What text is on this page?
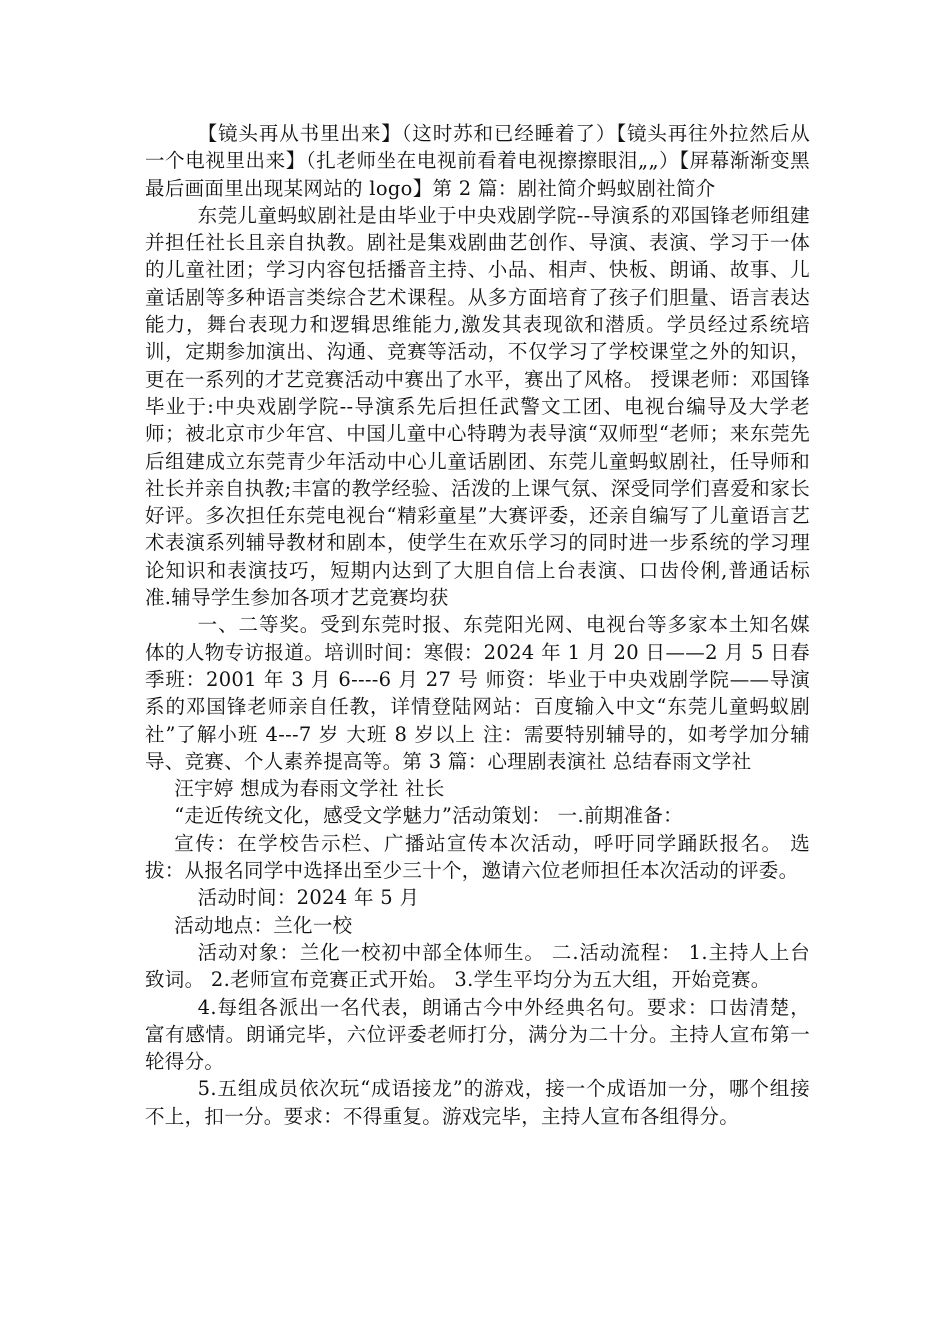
【镜头再从书里出来】（这时苏和已经睡着了）【镜头再往外拉然后从一个电视里出来】（扎老师坐在电视前看着电视擦擦眼泪„„）【屏幕渐渐变黑最后画面里出现某网站的 logo】第 2 篇：剧社简介蚂蚁剧社简介

东莞儿童蚂蚁剧社是由毕业于中央戏剧学院--导演系的邓国锋老师组建并担任社长且亲自执教。剧社是集戏剧曲艺创作、导演、表演、学习于一体的儿童社团；学习内容包括播音主持、小品、相声、快板、朗诵、故事、儿童话剧等多种语言类综合艺术课程。从多方面培育了孩子们胆量、语言表达能力，舞台表现力和逻辑思维能力,激发其表现欲和潜质。学员经过系统培训，定期参加演出、沟通、竞赛等活动，不仅学习了学校课堂之外的知识，更在一系列的才艺竞赛活动中赛出了水平，赛出了风格。 授课老师：邓国锋 毕业于:中央戏剧学院--导演系先后担任武警文工团、电视台编导及大学老师；被北京市少年宫、中国儿童中心特聘为表导演“双师型“老师；来东莞先后组建成立东莞青少年活动中心儿童话剧团、东莞儿童蚂蚁剧社，任导师和社长并亲自执教;丰富的教学经验、活泼的上课气氛、深受同学们喜爱和家长好评。多次担任东莞电视台“精彩童星”大赛评委，还亲自编写了儿童语言艺术表演系列辅导教材和剧本，使学生在欢乐学习的同时进一步系统的学习理论知识和表演技巧，短期内达到了大胆自信上台表演、口齿伶俐,普通话标准.辅导学生参加各项才艺竞赛均获

一、二等奖。受到东莞时报、东莞阳光网、电视台等多家本土知名媒体的人物专访报道。培训时间：寒假：2024 年 1 月 20 日——2 月 5 日春季班：2001 年 3 月 6----6 月 27 号 师资：毕业于中央戏剧学院——导演系的邓国锋老师亲自任教，详情登陆网站：百度输入中文“东莞儿童蚂蚁剧社”了解小班 4---7 岁 大班 8 岁以上 注：需要特别辅导的，如考学加分辅导、竞赛、个人素养提高等。第 3 篇：心理剧表演社 总结春雨文学社

汪宇婷 想成为春雨文学社 社长

“走近传统文化，感受文学魅力”活动策划： 一.前期准备：

宣传：在学校告示栏、广播站宣传本次活动，呼吁同学踊跃报名。 选拔：从报名同学中选择出至少三十个，邀请六位老师担任本次活动的评委。

活动时间：2024 年 5 月

活动地点：兰化一校

活动对象：兰化一校初中部全体师生。 二.活动流程： 1.主持人上台致词。 2.老师宣布竞赛正式开始。 3.学生平均分为五大组，开始竞赛。

4.每组各派出一名代表，朗诵古今中外经典名句。要求：口齿清楚，富有感情。朗诵完毕，六位评委老师打分，满分为二十分。主持人宣布第一轮得分。

5.五组成员依次玩“成语接龙”的游戏，接一个成语加一分，哪个组接不上，扣一分。要求：不得重复。游戏完毕，主持人宣布各组得分。
